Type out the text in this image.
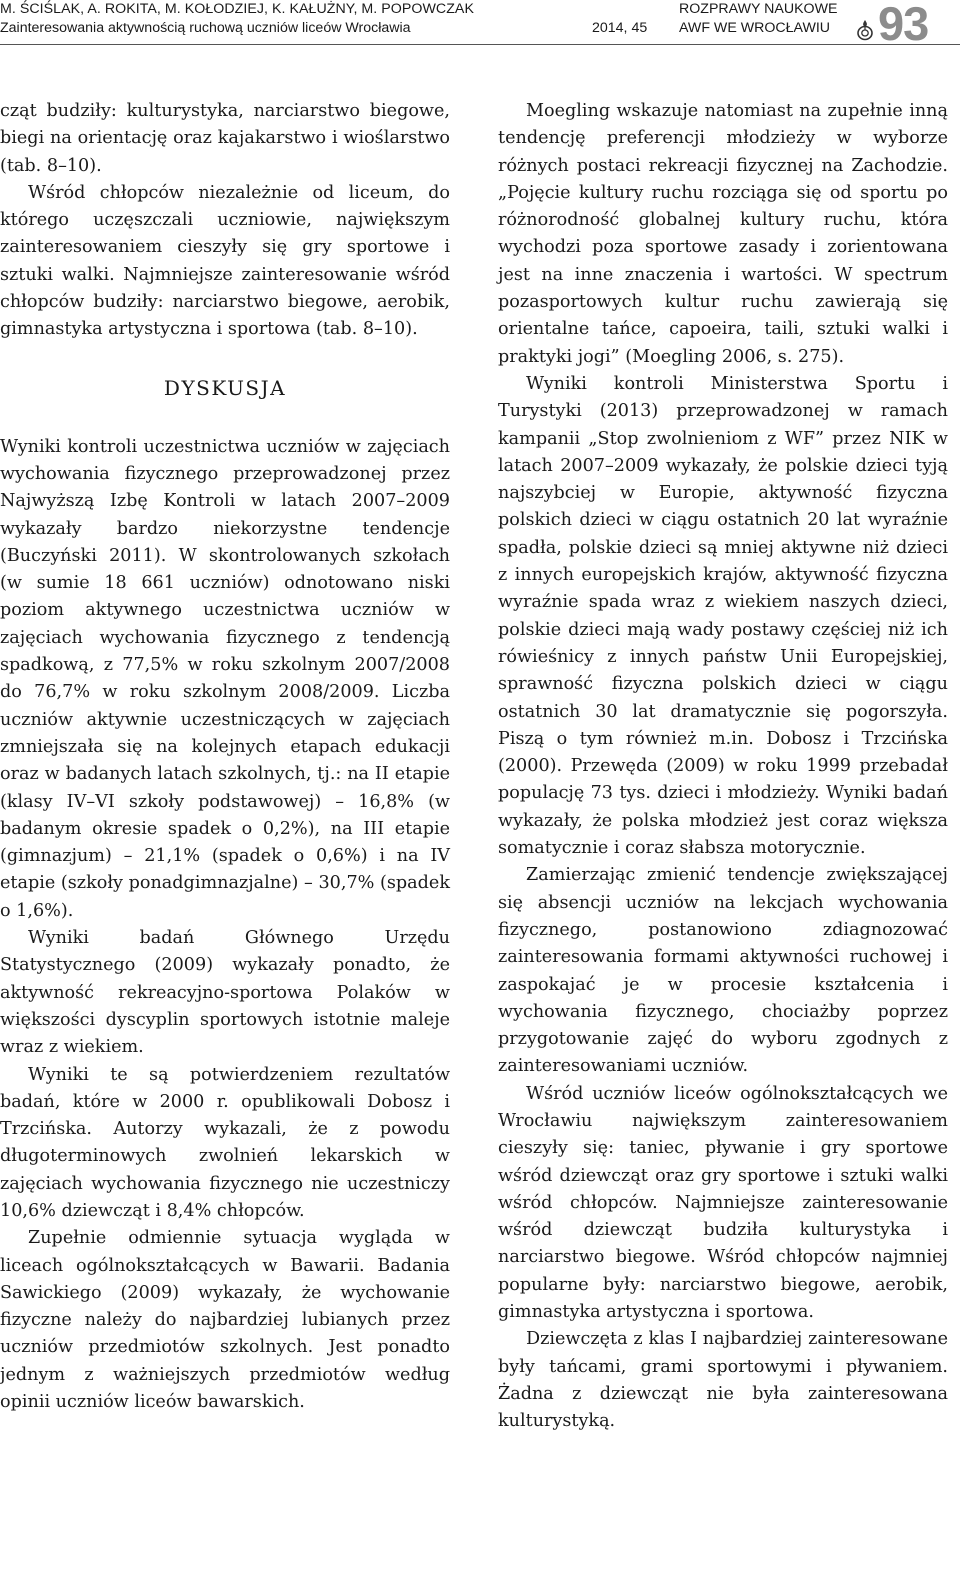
M. ŚCIŚLAK, A. ROKITA, M. KOŁODZIEJ, K. KAŁUŻNY, M. POPOWCZAK
Zainteresowania aktywnością ruchową uczniów liceów Wrocławia	2014, 45
ROZPRAWY NAUKOWE
AWF WE WROCŁAWIU 93

cząt budziły: kulturystyka, narciarstwo biegowe, biegi na orientację oraz kajakarstwo i wioślarstwo (tab. 8–10).

Wśród chłopców niezależnie od liceum, do którego uczęszczali uczniowie, największym zainteresowaniem cieszyły się gry sportowe i sztuki walki. Najmniejsze zainteresowanie wśród chłopców budziły: narciarstwo biegowe, aerobik, gimnastyka artystyczna i sportowa (tab. 8–10).

DYSKUSJA

Wyniki kontroli uczestnictwa uczniów w zajęciach wychowania fizycznego przeprowadzonej przez Najwyższą Izbę Kontroli w latach 2007–2009 wykazały bardzo niekorzystne tendencje (Buczyński 2011). W skontrolowanych szkołach (w sumie 18 661 uczniów) odnotowano niski poziom aktywnego uczestnictwa uczniów w zajęciach wychowania fizycznego z tendencją spadkową, z 77,5% w roku szkolnym 2007/2008 do 76,7% w roku szkolnym 2008/2009. Liczba uczniów aktywnie uczestniczących w zajęciach zmniejszała się na kolejnych etapach edukacji oraz w badanych latach szkolnych, tj.: na II etapie (klasy IV–VI szkoły podstawowej) – 16,8% (w badanym okresie spadek o 0,2%), na III etapie (gimnazjum) – 21,1% (spadek o 0,6%) i na IV etapie (szkoły ponadgimnazjalne) – 30,7% (spadek o 1,6%).

Wyniki badań Głównego Urzędu Statystycznego (2009) wykazały ponadto, że aktywność rekreacyjno-sportowa Polaków w większości dyscyplin sportowych istotnie maleje wraz z wiekiem.

Wyniki te są potwierdzeniem rezultatów badań, które w 2000 r. opublikowali Dobosz i Trzcińska. Autorzy wykazali, że z powodu długoterminowych zwolnień lekarskich w zajęciach wychowania fizycznego nie uczestniczy 10,6% dziewcząt i 8,4% chłopców.

Zupełnie odmiennie sytuacja wygląda w liceach ogólnokształcących w Bawarii. Badania Sawickiego (2009) wykazały, że wychowanie fizyczne należy do najbardziej lubianych przez uczniów przedmiotów szkolnych. Jest ponadto jednym z ważniejszych przedmiotów według opinii uczniów liceów bawarskich.

Moegling wskazuje natomiast na zupełnie inną tendencję preferencji młodzieży w wyborze różnych postaci rekreacji fizycznej na Zachodzie. „Pojęcie kultury ruchu rozciąga się od sportu po różnorodność globalnej kultury ruchu, która wychodzi poza sportowe zasady i zorientowana jest na inne znaczenia i wartości. W spectrum pozasportowych kultur ruchu zawierają się orientalne tańce, capoeira, taili, sztuki walki i praktyki jogi” (Moegling 2006, s. 275).

Wyniki kontroli Ministerstwa Sportu i Turystyki (2013) przeprowadzonej w ramach kampanii „Stop zwolnieniom z WF” przez NIK w latach 2007–2009 wykazały, że polskie dzieci tyją najszybciej w Europie, aktywność fizyczna polskich dzieci w ciągu ostatnich 20 lat wyraźnie spadła, polskie dzieci są mniej aktywne niż dzieci z innych europejskich krajów, aktywność fizyczna wyraźnie spada wraz z wiekiem naszych dzieci, polskie dzieci mają wady postawy częściej niż ich rówieśnicy z innych państw Unii Europejskiej, sprawność fizyczna polskich dzieci w ciągu ostatnich 30 lat dramatycznie się pogorszyła. Piszą o tym również m.in. Dobosz i Trzcińska (2000). Przewęda (2009) w roku 1999 przebadał populację 73 tys. dzieci i młodzieży. Wyniki badań wykazały, że polska młodzież jest coraz większa somatycznie i coraz słabsza motorycznie.

Zamierzając zmienić tendencje zwiększającej się absencji uczniów na lekcjach wychowania fizycznego, postanowiono zdiagnozować zainteresowania formami aktywności ruchowej i zaspokajać je w procesie kształcenia i wychowania fizycznego, chociażby poprzez przygotowanie zajęć do wyboru zgodnych z zainteresowaniami uczniów.

Wśród uczniów liceów ogólnokształcących we Wrocławiu największym zainteresowaniem cieszyły się: taniec, pływanie i gry sportowe wśród dziewcząt oraz gry sportowe i sztuki walki wśród chłopców. Najmniejsze zainteresowanie wśród dziewcząt budziła kulturystyka i narciarstwo biegowe. Wśród chłopców najmniej popularne były: narciarstwo biegowe, aerobik, gimnastyka artystyczna i sportowa.

Dziewczęta z klas I najbardziej zainteresowane były tańcami, grami sportowymi i pływaniem. Żadna z dziewcząt nie była zainteresowana kulturystyką.
